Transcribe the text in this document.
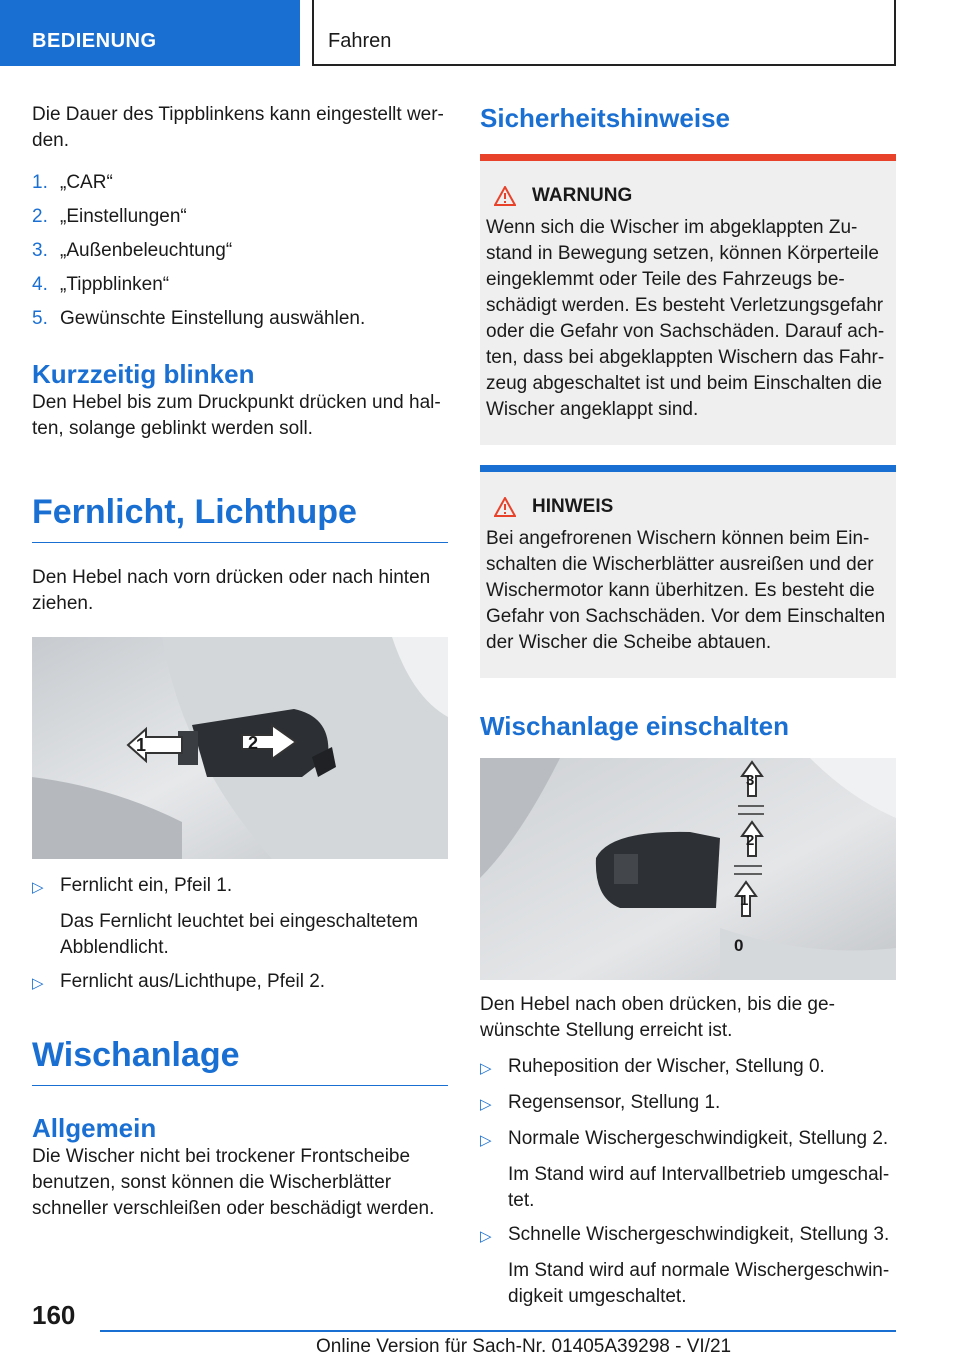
BEDIENUNG	Fahren

Die Dauer des Tippblinkens kann eingestellt wer-den.

1. „CAR“
2. „Einstellungen“
3. „Außenbeleuchtung“
4. „Tippblinken“
5. Gewünschte Einstellung auswählen.
Kurzzeitig blinken

Den Hebel bis zum Druckpunkt drücken und hal-ten, solange geblinkt werden soll.

Fernlicht, Lichthupe

Den Hebel nach vorn drücken oder nach hinten ziehen.

1	2
▷ Fernlicht ein, Pfeil 1.
Das Fernlicht leuchtet bei eingeschaltetem Abblendlicht.
▷ Fernlicht aus/Lichthupe, Pfeil 2.
Wischanlage
Allgemein

Die Wischer nicht bei trockener Frontscheibe benutzen, sonst können die Wischerblätter schneller verschleißen oder beschädigt werden.

Sicherheitshinweise
WARNUNG
Wenn sich die Wischer im abgeklappten Zu-stand in Bewegung setzen, können Körperteile eingeklemmt oder Teile des Fahrzeugs be-schädigt werden. Es besteht Verletzungsgefahr oder die Gefahr von Sachschäden. Darauf ach-ten, dass bei abgeklappten Wischern das Fahr-zeug abgeschaltet ist und beim Einschalten die Wischer angeklappt sind.
HINWEIS
Bei angefrorenen Wischern können beim Ein-schalten die Wischerblätter ausreißen und der Wischermotor kann überhitzen. Es besteht die Gefahr von Sachschäden. Vor dem Einschalten der Wischer die Scheibe abtauen.
Wischanlage einschalten
3
2
1
0

Den Hebel nach oben drücken, bis die ge-wünschte Stellung erreicht ist.

▷ Ruheposition der Wischer, Stellung 0.
▷ Regensensor, Stellung 1.
▷ Normale Wischergeschwindigkeit, Stellung 2.
Im Stand wird auf Intervallbetrieb umgeschal-tet.
▷ Schnelle Wischergeschwindigkeit, Stellung 3.
Im Stand wird auf normale Wischergeschwin-digkeit umgeschaltet.
160
Online Version für Sach-Nr. 01405A39298 - VI/21
